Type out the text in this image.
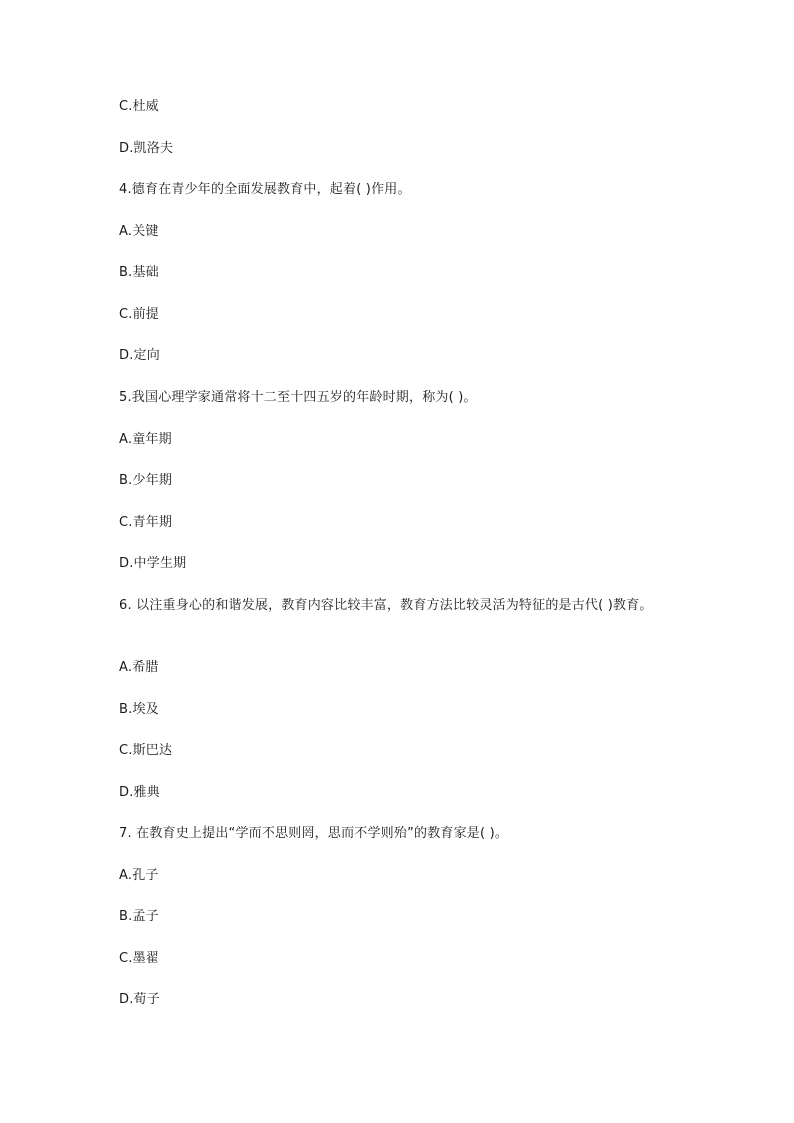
C.杜威
D.凯洛夫
4.德育在青少年的全面发展教育中，起着( )作用。
A.关键
B.基础
C.前提
D.定向
5.我国心理学家通常将十二至十四五岁的年龄时期，称为( )。
A.童年期
B.少年期
C.青年期
D.中学生期
6. 以注重身心的和谐发展，教育内容比较丰富，教育方法比较灵活为特征的是古代( )教育。
A.希腊
B.埃及
C.斯巴达
D.雅典
7. 在教育史上提出“学而不思则罔，思而不学则殆”的教育家是( )。
A.孔子
B.孟子
C.墨翟
D.荀子
